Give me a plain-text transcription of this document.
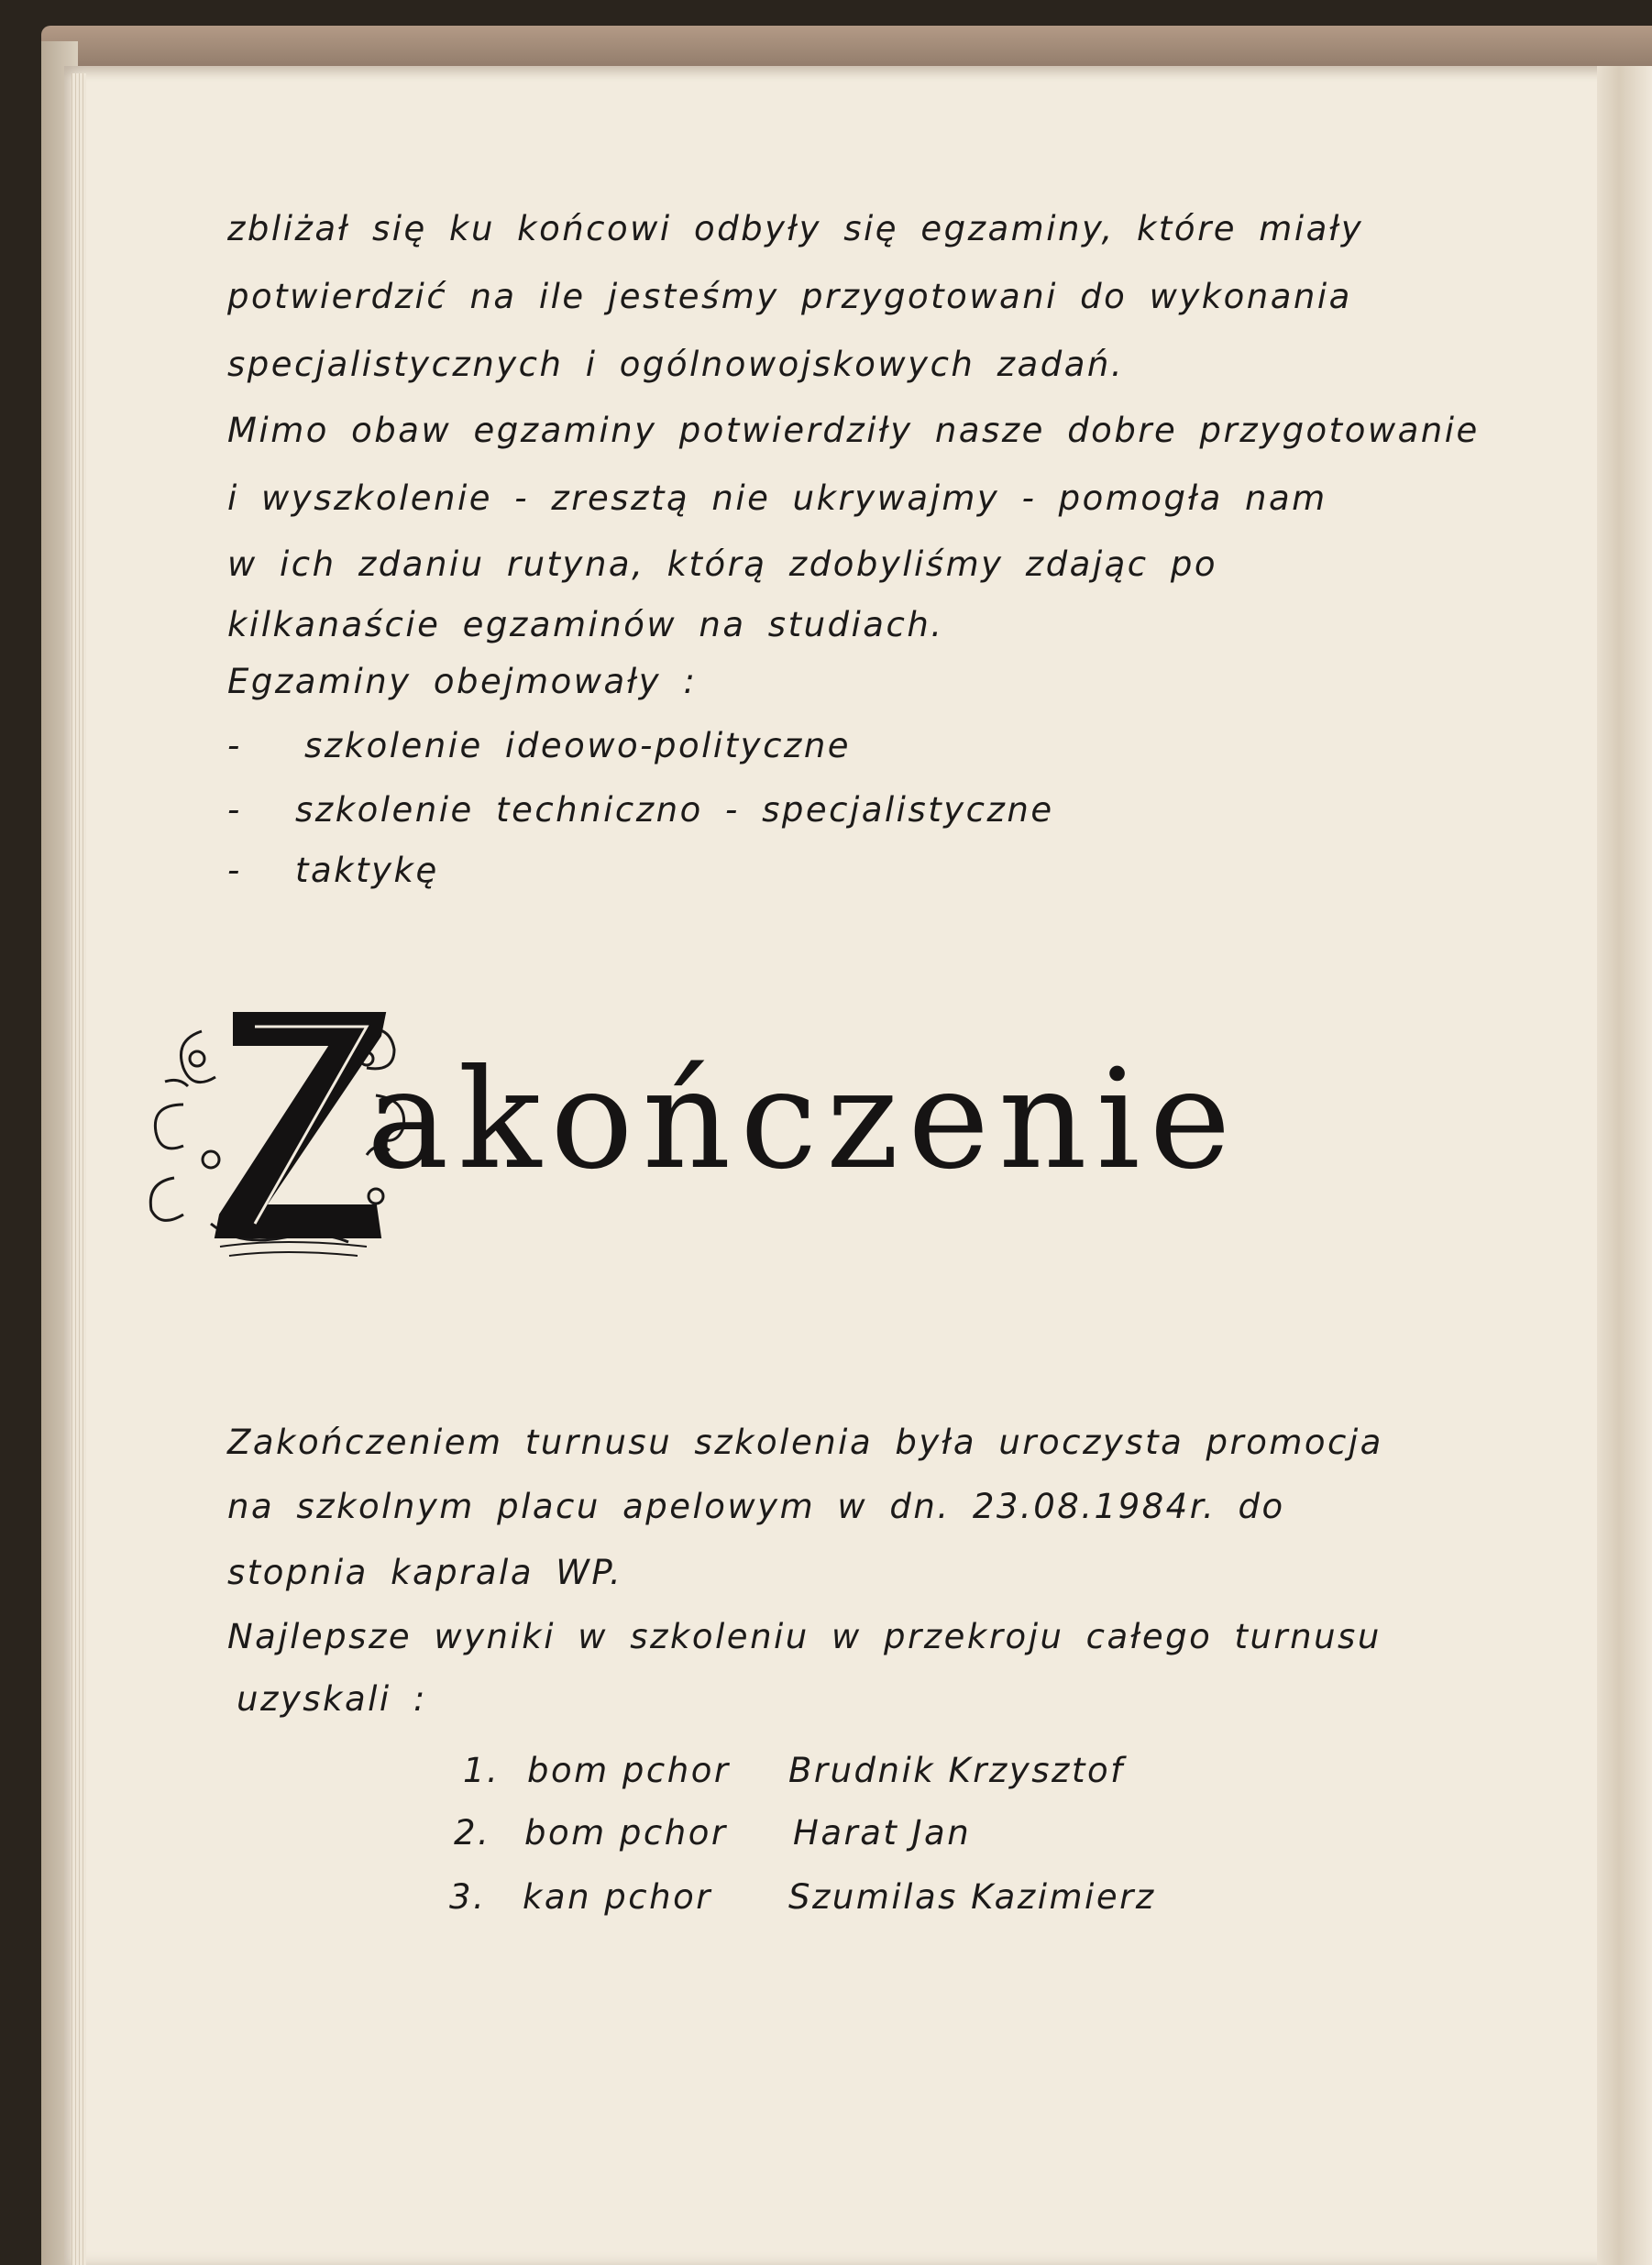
zbliżał się ku końcowi odbyły się egzaminy, które miały

potwierdzić na ile jesteśmy przygotowani do wykonania

specjalistycznych i ogólnowojskowych zadań.

Mimo obaw egzaminy potwierdziły nasze dobre przygotowanie

i wyszkolenie - zresztą nie ukrywajmy - pomogła nam

w ich zdaniu rutyna, którą zdobyliśmy zdając po

kilkanaście egzaminów na studiach.

Egzaminy obejmowały :

- szkolenie ideowo-polityczne

- szkolenie techniczno - specjalistyczne

- taktykę

akończenie

Zakończeniem turnusu szkolenia była uroczysta promocja

na szkolnym placu apelowym w dn. 23.08.1984r. do

stopnia kaprala WP.

Najlepsze wyniki w szkoleniu w przekroju całego turnusu

uzyskali :

1. bom pchor Brudnik Krzysztof
2. bom pchor Harat Jan
3. kan pchor Szumilas Kazimierz
